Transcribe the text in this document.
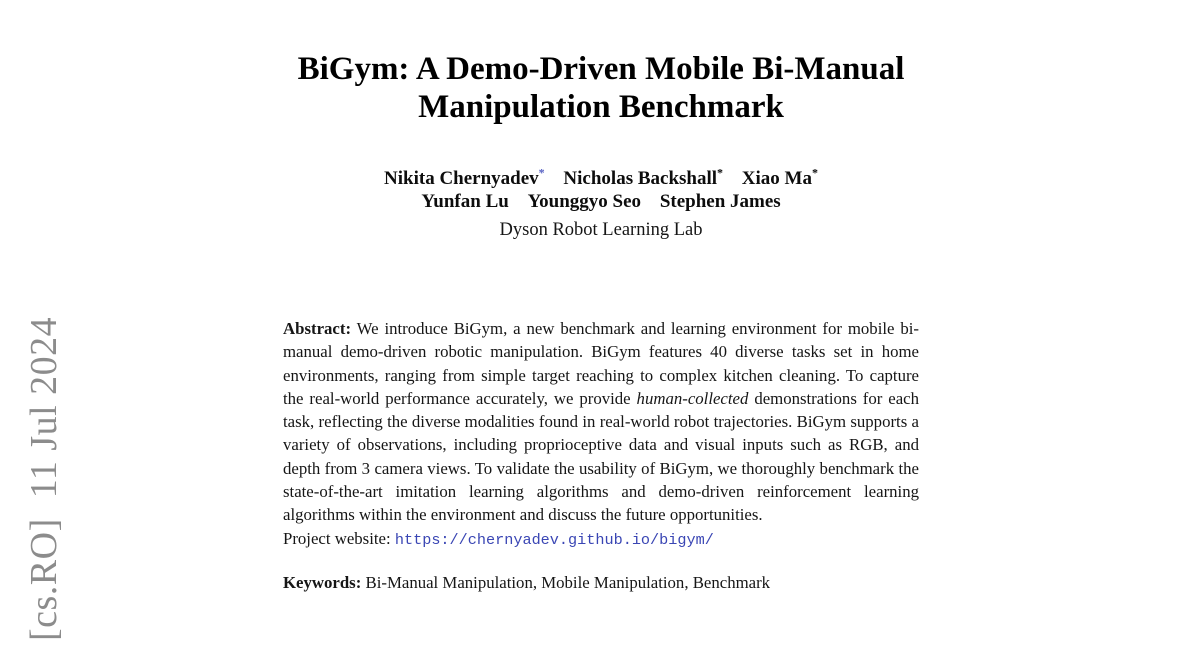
[cs.RO]  11 Jul 2024
BiGym: A Demo-Driven Mobile Bi-Manual
Manipulation Benchmark
Nikita Chernyadev* Nicholas Backshall* Xiao Ma*
Yunfan Lu Younggyo Seo Stephen James
Dyson Robot Learning Lab

Abstract: We introduce BiGym, a new benchmark and learning environment for mobile bi-manual demo-driven robotic manipulation. BiGym features 40 diverse tasks set in home environments, ranging from simple target reaching to complex kitchen cleaning. To capture the real-world performance accurately, we provide human-collected demonstrations for each task, reflecting the diverse modalities found in real-world robot trajectories. BiGym supports a variety of observations, including proprioceptive data and visual inputs such as RGB, and depth from 3 camera views. To validate the usability of BiGym, we thoroughly benchmark the state-of-the-art imitation learning algorithms and demo-driven reinforcement learning algorithms within the environment and discuss the future opportunities.

Project website: https://chernyadev.github.io/bigym/
Keywords: Bi-Manual Manipulation, Mobile Manipulation, Benchmark
